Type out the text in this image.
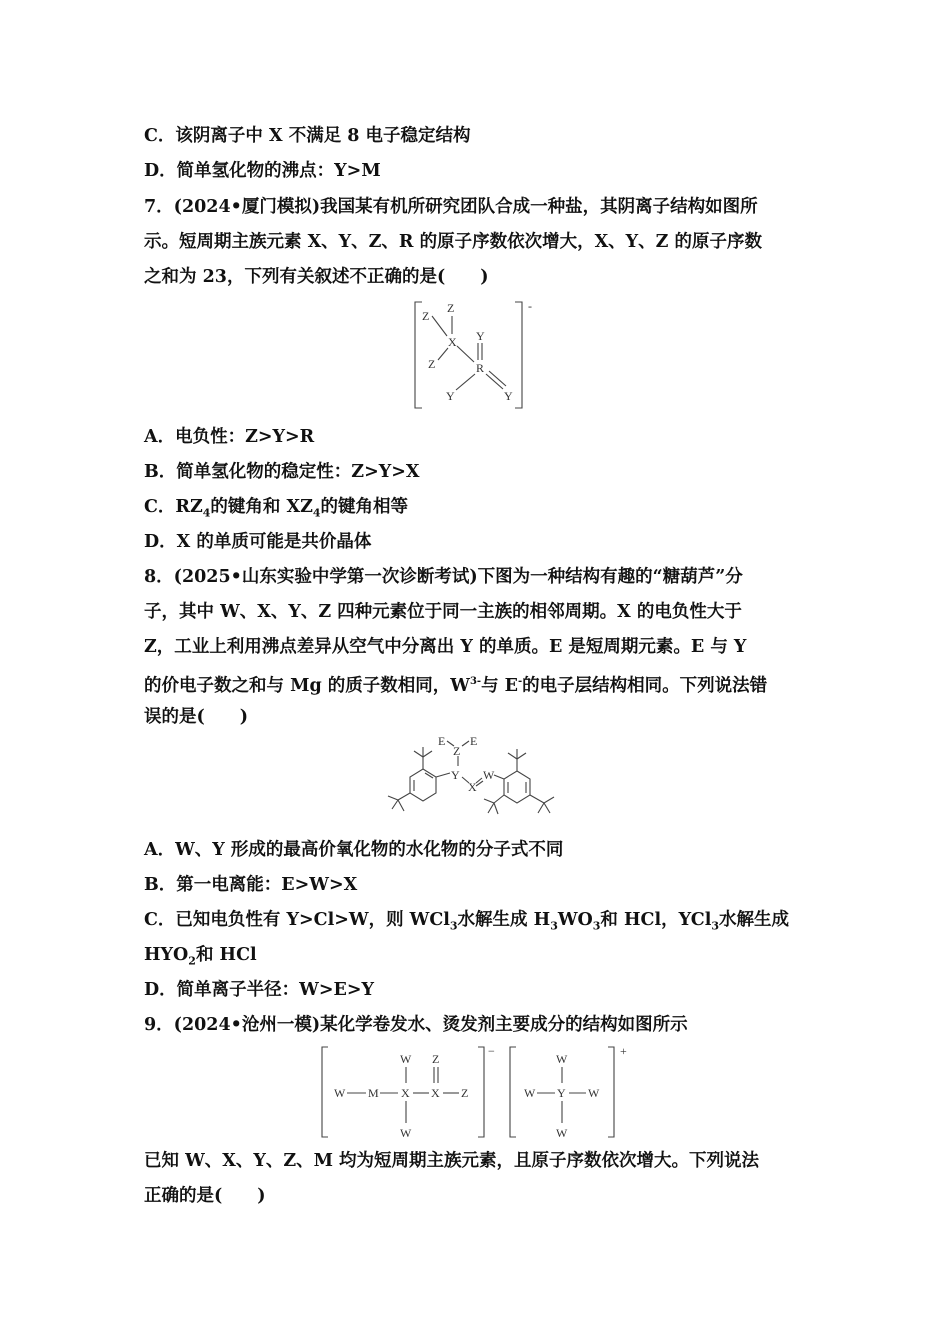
C．该阴离子中 X 不满足 8 电子稳定结构
D．简单氢化物的沸点：Y>M
7．(2024•厦门模拟)我国某有机所研究团队合成一种盐，其阴离子结构如图所
示。短周期主族元素 X、Y、Z、R 的原子序数依次增大，X、Y、Z 的原子序数
之和为 23，下列有关叙述不正确的是(　　)
-
Z
Z
X
Z
Y
R
Y	Y
A．电负性：Z>Y>R
B．简单氢化物的稳定性：Z>Y>X
C．$RZ_4$的键角和 $XZ_4$的键角相等
D．X 的单质可能是共价晶体
8．(2025•山东实验中学第一次诊断考试)下图为一种结构有趣的“糖葫芦”分
子，其中 W、X、Y、Z 四种元素位于同一主族的相邻周期。X 的电负性大于
Z，工业上利用沸点差异从空气中分离出 Y 的单质。E 是短周期元素。E 与 Y
的价电子数之和与 Mg 的质子数相同，$W^{3-}$与 E-的电子层结构相同。下列说法错
误的是(　　)
Y
Z
E E
X
W
A．W、Y 形成的最高价氧化物的水化物的分子式不同
B．第一电离能：E>W>X
C．已知电负性有 Y>Cl>W，则 WCl$_3$水解生成 $H_3WO_3$和 HCl，YCl$_3$水解生成
$HYO_2$和 HCl
D．简单离子半径：W>E>Y
9．(2024•沧州一模)某化学卷发水、烫发剂主要成分的结构如图所示
−
W M X X Z
Z
W
W
+
W
W Y W
W
已知 W、X、Y、Z、M 均为短周期主族元素，且原子序数依次增大。下列说法
正确的是(　　)
